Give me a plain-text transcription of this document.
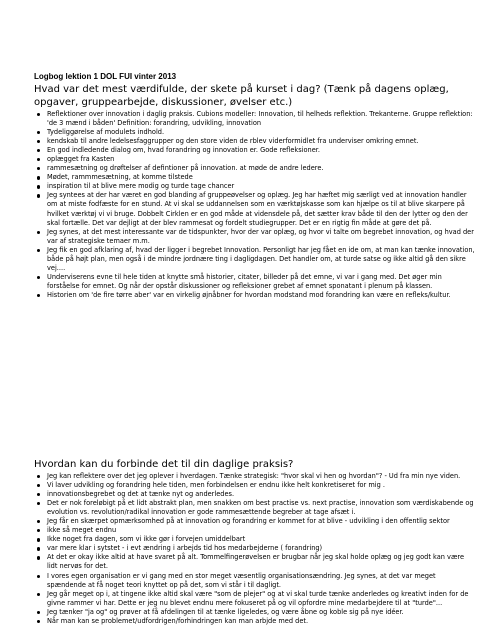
Logbog lektion 1 DOL FUI vinter 2013
Hvad var det mest værdifulde, der skete på kurset i dag? (Tænk på dagens oplæg, opgaver, gruppearbejde, diskussioner, øvelser etc.)
Reflektioner over innovation i daglig praksis. Cubions modeller: Innovation, til helheds reflektion. Trekanterne. Gruppe reflektion: 'de 3 mænd i båden' Definition: forandring, udvikling, innovation
Tydeliggørelse af modulets indhold.
kendskab til andre ledelsesfaggrupper og den store viden de rblev viderformidlet fra underviser omkring emnet.
En god indledende dialog om, hvad forandring og innovation er. Gode refleksioner.
oplægget fra Kasten
rammesætning og drøftelser af defintioner på innovation. at møde de andre ledere.
Mødet, rammmesætning, at komme tilstede
inspiration til at blive mere modig og turde tage chancer
Jeg syntees at der har været en god blanding af gruppeøvelser og oplæg. Jeg har hæftet mig særligt ved at innovation handler om at miste fodfæste for en stund. At vi skal se uddannelsen som en værktøjskasse som kan hjælpe os til at blive skarpere på hvilket værktøj vi vi bruge. Dobbelt Cirklen er en god måde at vidensdele på, det sætter krav både til den der lytter og den der skal fortælle. Det var dejligt at der blev rammesat og fordelt studiegrupper. Det er en rigtig fin måde at gøre det på.
Jeg synes, at det mest interessante var de tidspunkter, hvor der var oplæg, og hvor vi talte om begrebet innovation, og hvad der var af strategiske temaer m.m.
Jeg fik en god afklaring af, hvad der ligger i begrebet Innovation. Personligt har jeg fået en ide om, at man kan tænke innovation, både på højt plan, men også i de mindre jordnære ting i dagligdagen. Det handler om, at turde satse og ikke altid gå den sikre vej....
Underviserens evne til hele tiden at knytte små historier, citater, billeder på det emne, vi var i gang med. Det øger min forståelse for emnet. Og når der opstår diskussioner og refleksioner grebet af emnet sponatant i plenum på klassen.
Historien om 'de fire tørre aber' var en virkelig øjnåbner for hvordan modstand mod forandring kan være en refleks/kultur.
Hvordan kan du forbinde det til din daglige praksis?
Jeg kan reflektere over det jeg oplever i hverdagen. Tænke strategisk: "hvor skal vi hen og hvordan"? - Ud fra min nye viden.
Vi laver udvikling og forandring hele tiden, men forbindelsen er endnu ikke helt konkretiseret for mig .
innovationsbegrebet og det at tænke nyt og anderledes.
Det er nok foreløbigt på et lidt abstrakt plan, men snakken om best practise vs. next practise, innovation som værdiskabende og evolution vs. revolution/radikal innovation er gode rammesættende begreber at tage afsæt i.
Jeg får en skærpet opmærksomhed på at innovation og forandring er kommet for at blive - udvikling i den offentlig sektor
ikke så meget endnu
Ikke noget fra dagen, som vi ikke gør i forvejen umiddelbart
var mere klar i sytstet - i evt ændring i arbejds tid hos medarbejderne ( forandring)
At det er okay ikke altid at have svaret på alt. Tommelfingerøvelsen er brugbar når jeg skal holde oplæg og jeg godt kan være lidt nervøs for det.
I vores egen organisation er vi gang med en stor meget væsentlig organisationsændring. Jeg synes, at det var meget spændende at få noget teori knyttet op på det, som vi står i til dagligt.
Jeg går meget op i, at tingene ikke altid skal være "som de plejer" og at vi skal turde tænke anderledes og kreativt inden for de givne rammer vi har. Dette er jeg nu blevet endnu mere fokuseret på og vil opfordre mine medarbejdere til at "turde"...
Jeg tænker "ja og" og prøver at få afdelingen til at tænke ligeledes, og være åbne og koble sig på nye idéer.
Når man kan se problemet/udfordrigen/forhindringen kan man arbjde med det.
